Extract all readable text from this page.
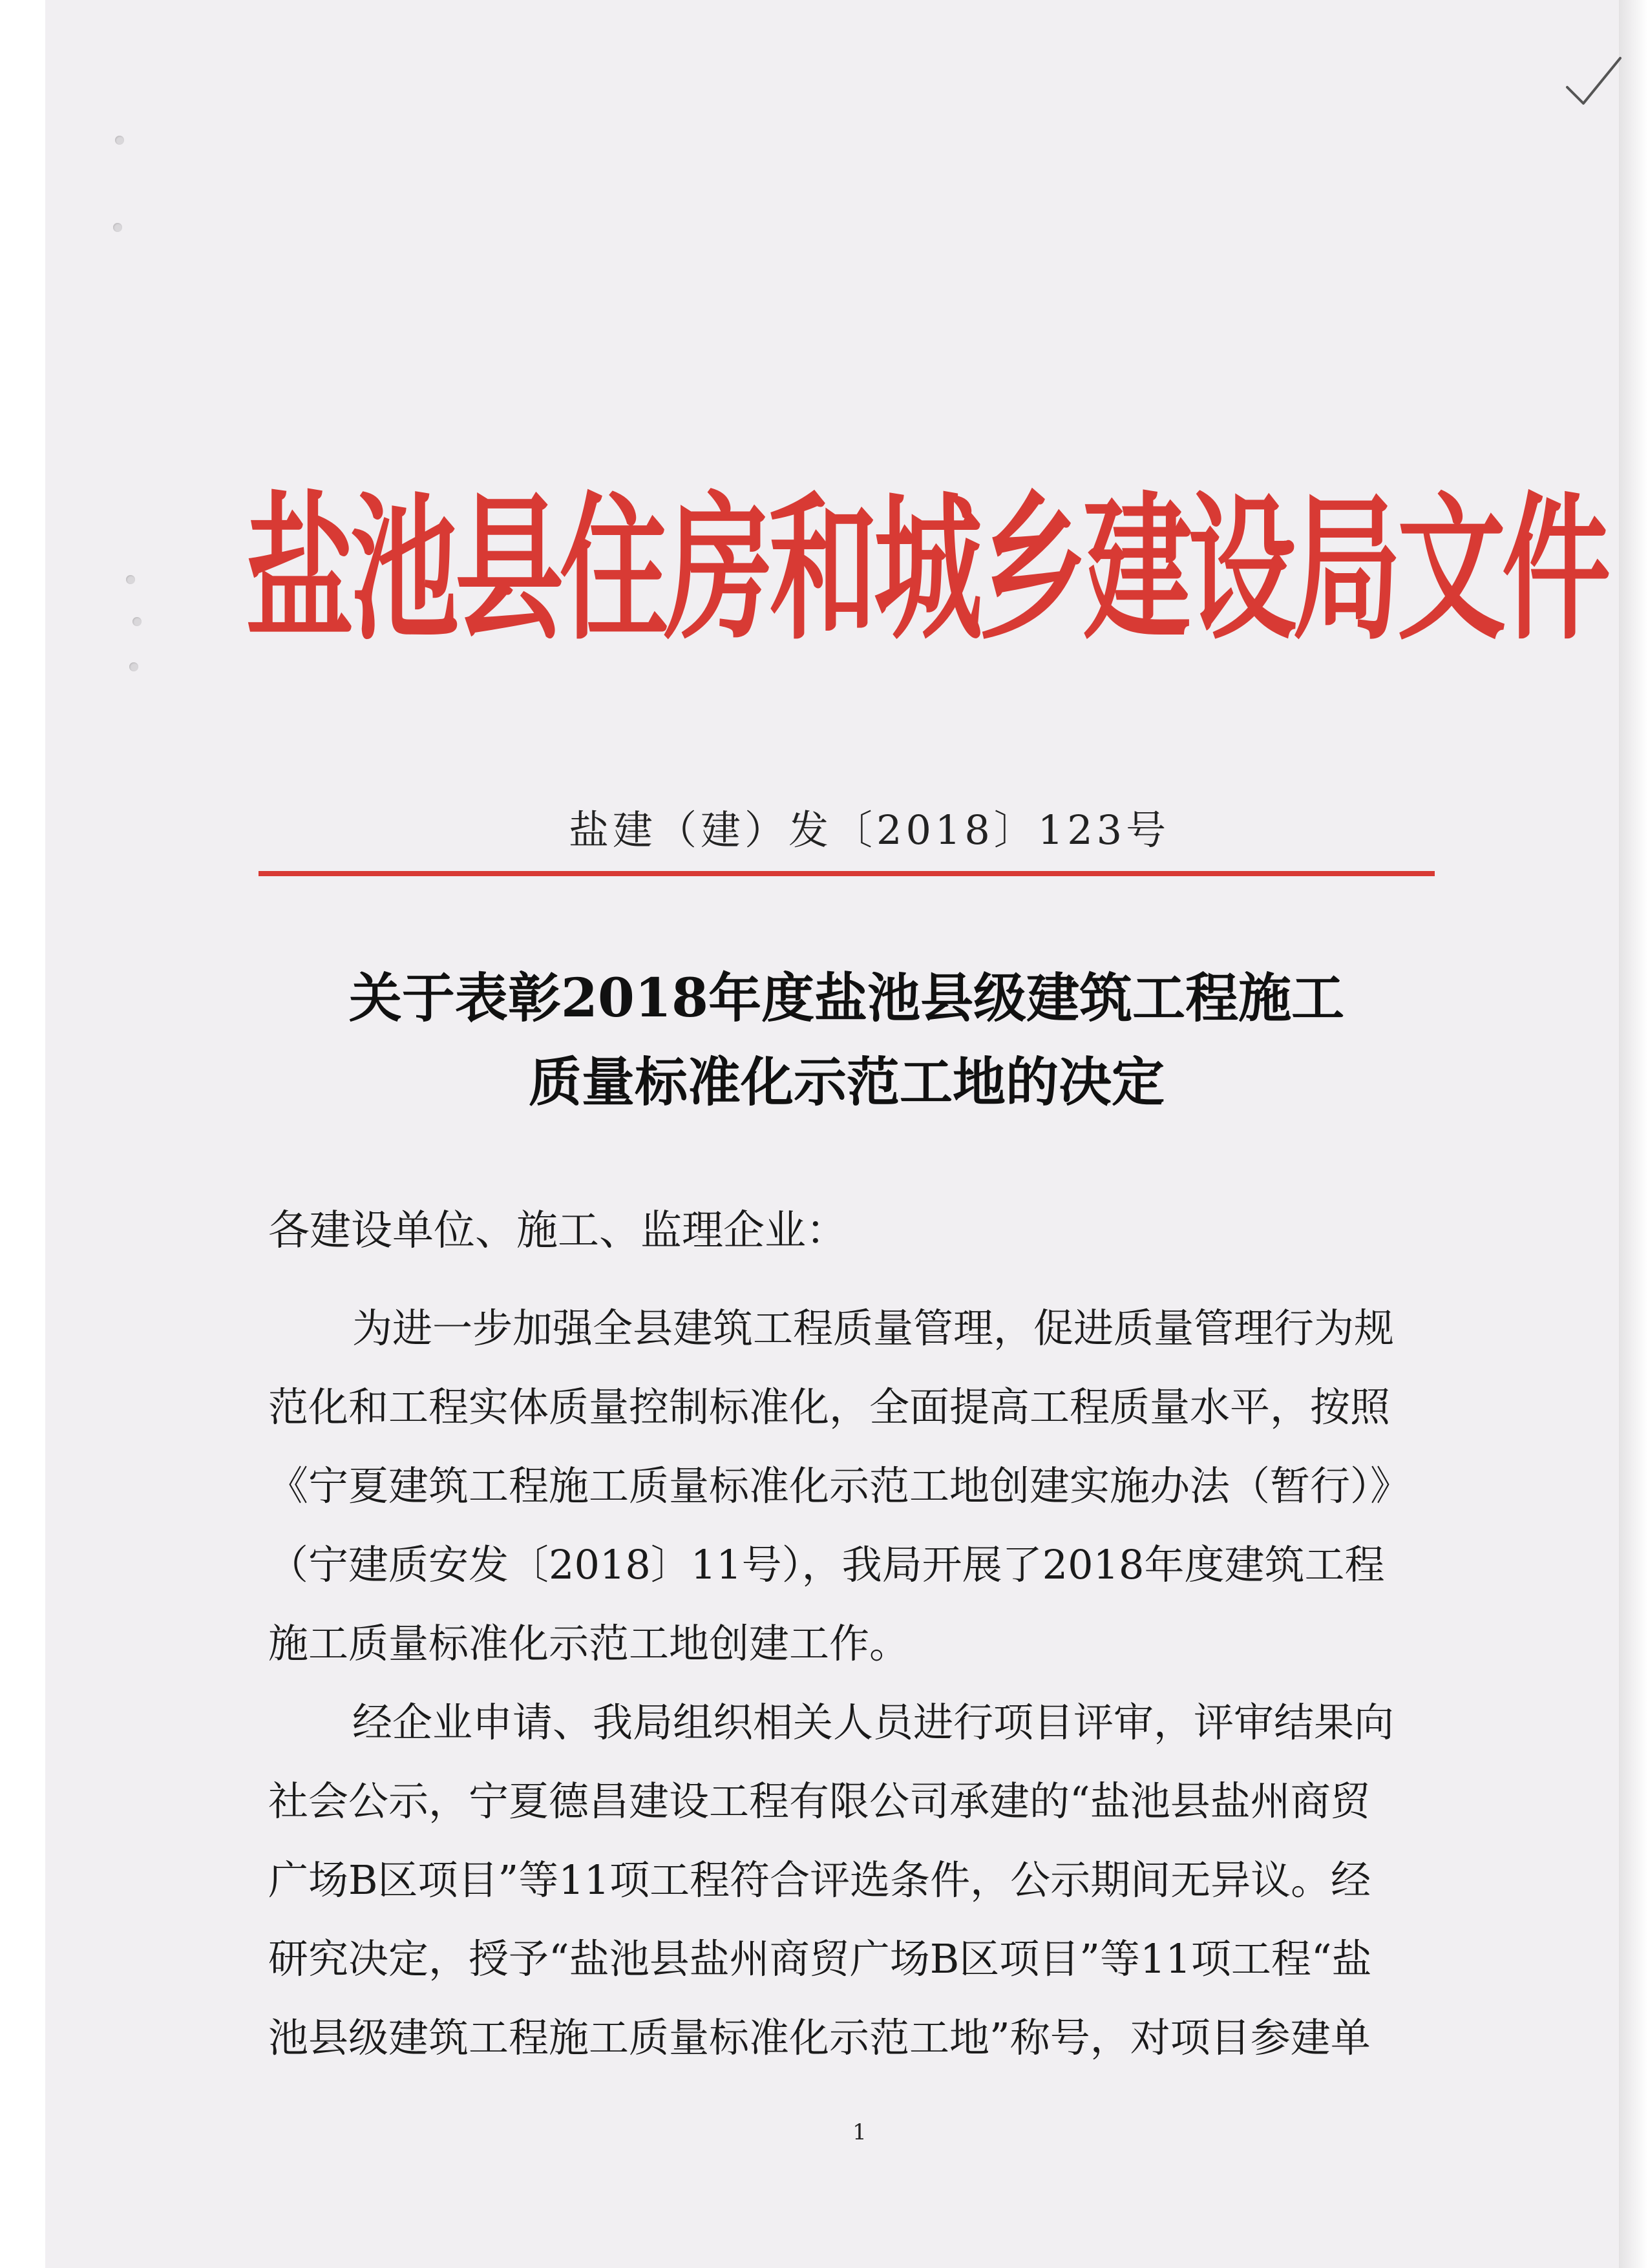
盐池县住房和城乡建设局文件
盐建（建）发〔2018〕123号
关于表彰2018年度盐池县级建筑工程施工
质量标准化示范工地的决定
各建设单位、施工、监理企业：
为进一步加强全县建筑工程质量管理，促进质量管理行为规
范化和工程实体质量控制标准化，全面提高工程质量水平，按照
《宁夏建筑工程施工质量标准化示范工地创建实施办法（暂行）》
（宁建质安发〔2018〕11号），我局开展了2018年度建筑工程
施工质量标准化示范工地创建工作。
经企业申请、我局组织相关人员进行项目评审，评审结果向
社会公示，宁夏德昌建设工程有限公司承建的“盐池县盐州商贸
广场B区项目”等11项工程符合评选条件，公示期间无异议。经
研究决定，授予“盐池县盐州商贸广场B区项目”等11项工程“盐
池县级建筑工程施工质量标准化示范工地”称号，对项目参建单
1
